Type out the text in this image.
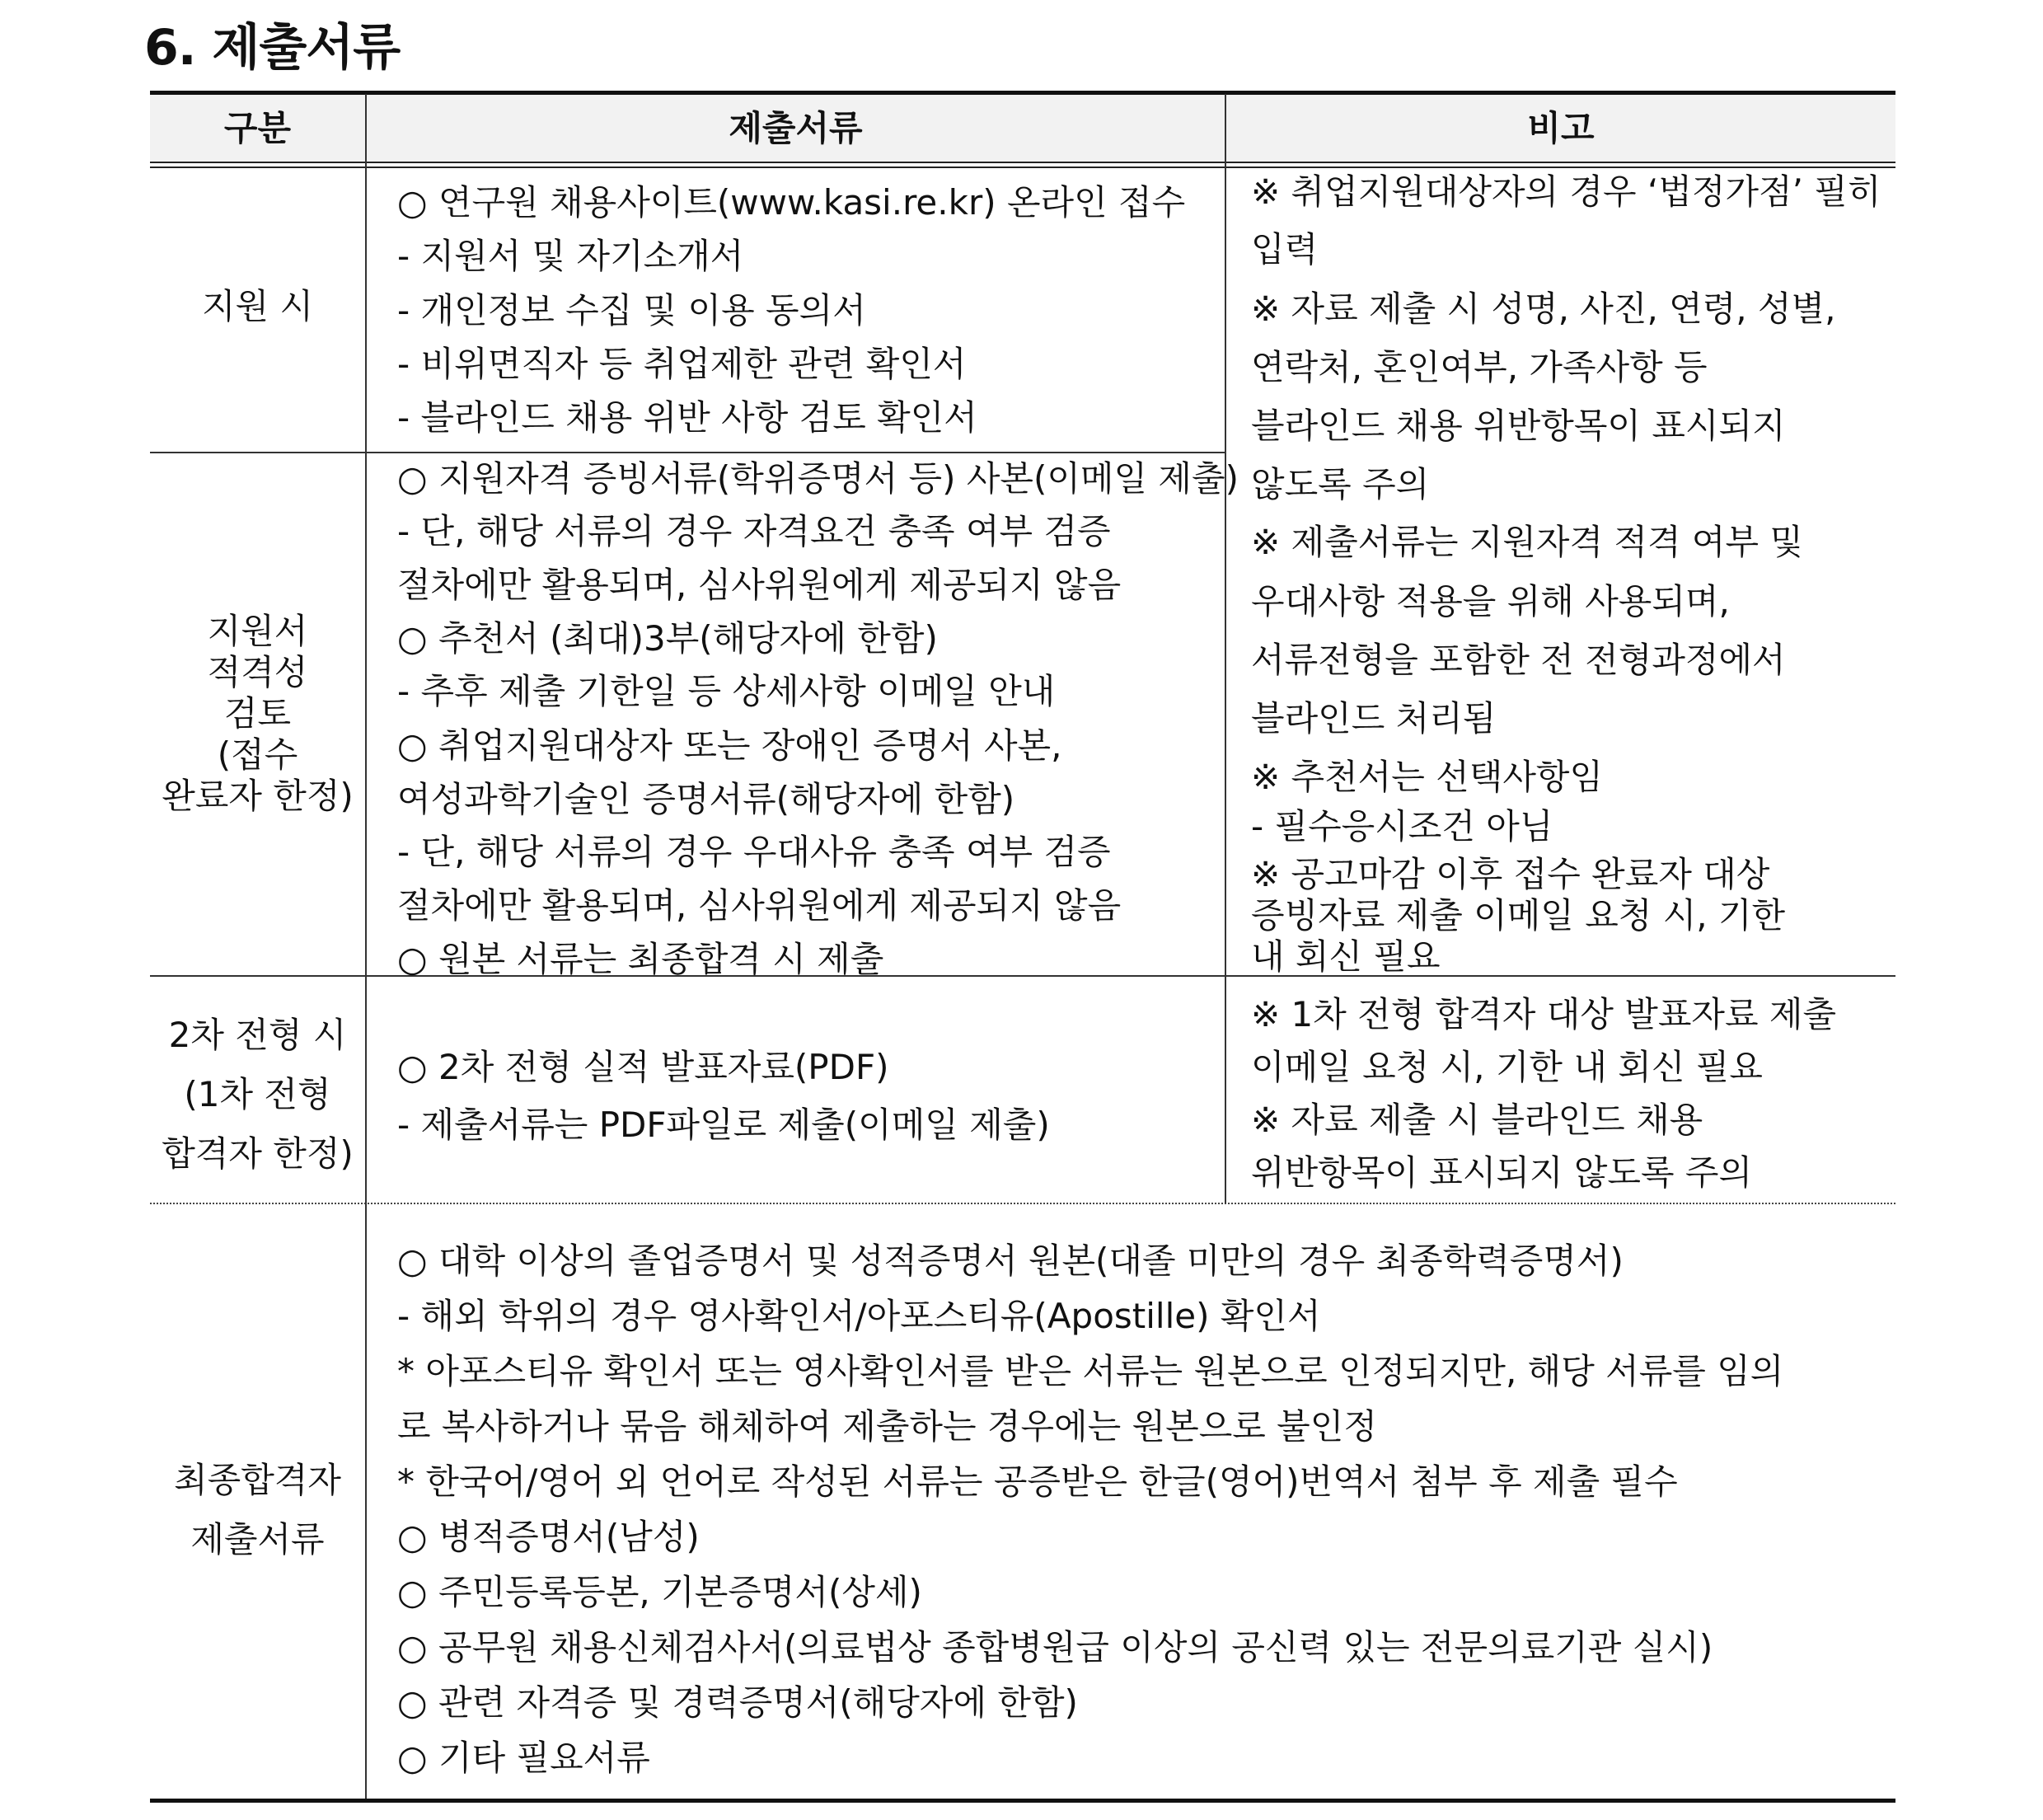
6. 제출서류
구분	제출서류	비고
지원 시
○ 연구원 채용사이트(www.kasi.re.kr) 온라인 접수
- 지원서 및 자기소개서
- 개인정보 수집 및 이용 동의서
- 비위면직자 등 취업제한 관련 확인서
- 블라인드 채용 위반 사항 검토 확인서
지원서
적격성
검토
(접수
완료자 한정)
○ 지원자격 증빙서류(학위증명서 등) 사본(이메일 제출)
- 단, 해당 서류의 경우 자격요건 충족 여부 검증
절차에만 활용되며, 심사위원에게 제공되지 않음
○ 추천서 (최대)3부(해당자에 한함)
- 추후 제출 기한일 등 상세사항 이메일 안내
○ 취업지원대상자 또는 장애인 증명서 사본,
여성과학기술인 증명서류(해당자에 한함)
- 단, 해당 서류의 경우 우대사유 충족 여부 검증
절차에만 활용되며, 심사위원에게 제공되지 않음
○ 원본 서류는 최종합격 시 제출
※ 취업지원대상자의 경우 ‘법정가점’ 필히
입력
※ 자료 제출 시 성명, 사진, 연령, 성별,
연락처, 혼인여부, 가족사항 등
블라인드 채용 위반항목이 표시되지
않도록 주의
※ 제출서류는 지원자격 적격 여부 및
우대사항 적용을 위해 사용되며,
서류전형을 포함한 전 전형과정에서
블라인드 처리됨
※ 추천서는 선택사항임
- 필수응시조건 아님
※ 공고마감 이후 접수 완료자 대상
증빙자료 제출 이메일 요청 시, 기한
내 회신 필요
2차 전형 시
(1차 전형
합격자 한정)
○ 2차 전형 실적 발표자료(PDF)
- 제출서류는 PDF파일로 제출(이메일 제출)
※ 1차 전형 합격자 대상 발표자료 제출
이메일 요청 시, 기한 내 회신 필요
※ 자료 제출 시 블라인드 채용
위반항목이 표시되지 않도록 주의
최종합격자
제출서류
○ 대학 이상의 졸업증명서 및 성적증명서 원본(대졸 미만의 경우 최종학력증명서)
- 해외 학위의 경우 영사확인서/아포스티유(Apostille) 확인서
* 아포스티유 확인서 또는 영사확인서를 받은 서류는 원본으로 인정되지만, 해당 서류를 임의
로 복사하거나 묶음 해체하여 제출하는 경우에는 원본으로 불인정
* 한국어/영어 외 언어로 작성된 서류는 공증받은 한글(영어)번역서 첨부 후 제출 필수
○ 병적증명서(남성)
○ 주민등록등본, 기본증명서(상세)
○ 공무원 채용신체검사서(의료법상 종합병원급 이상의 공신력 있는 전문의료기관 실시)
○ 관련 자격증 및 경력증명서(해당자에 한함)
○ 기타 필요서류
